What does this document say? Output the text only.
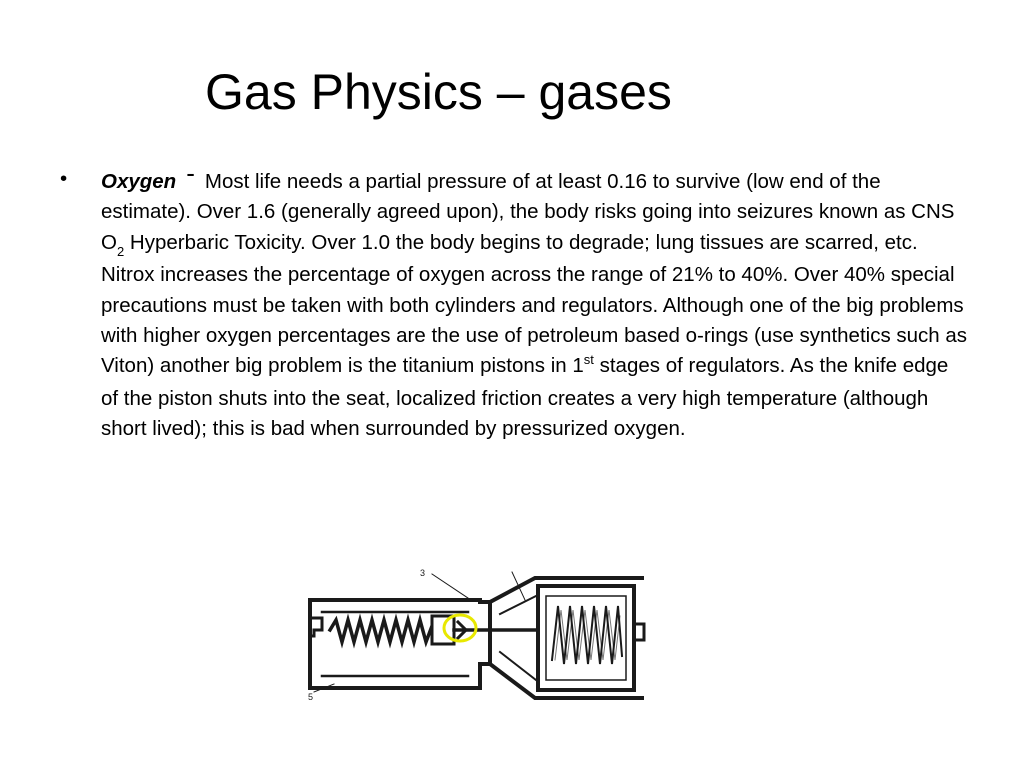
Gas Physics – gases
• Oxygen - Most life needs a partial pressure of at least 0.16 to survive (low end of the estimate). Over 1.6 (generally agreed upon), the body risks going into seizures known as CNS $O_2$ Hyperbaric Toxicity. Over 1.0 the body begins to degrade; lung tissues are scarred, etc. Nitrox increases the percentage of oxygen across the range of 21% to 40%. Over 40% special precautions must be taken with both cylinders and regulators. Although one of the big problems with higher oxygen percentages are the use of petroleum based o-rings (use synthetics such as Viton) another big problem is the titanium pistons in 1st stages of regulators. As the knife edge of the piston shuts into the seat, localized friction creates a very high temperature (although short lived); this is bad when surrounded by pressurized oxygen.
3
5
